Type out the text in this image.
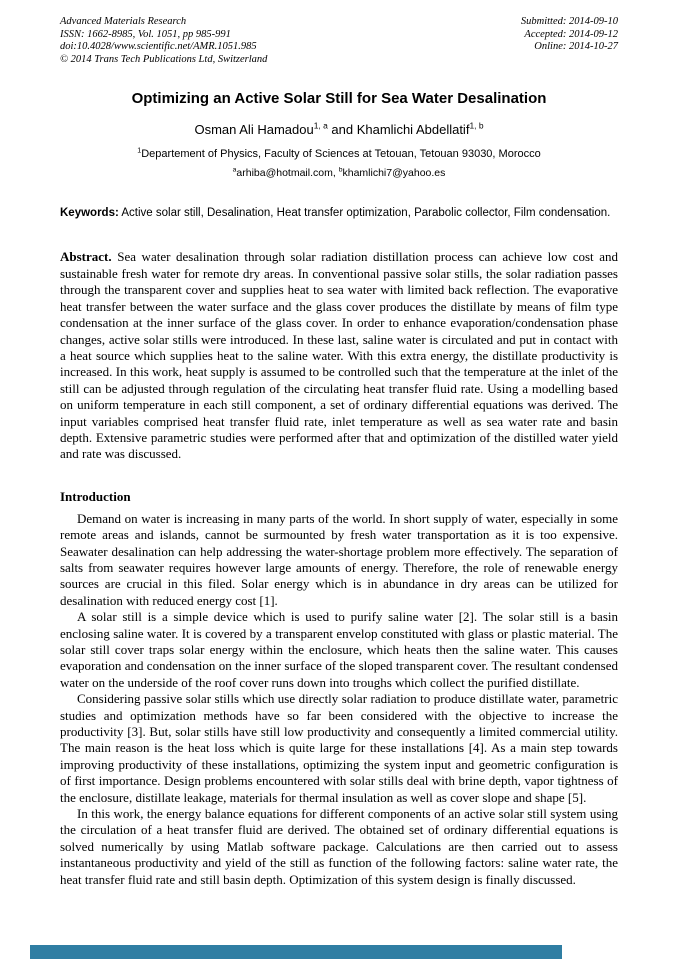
Advanced Materials Research
ISSN: 1662-8985, Vol. 1051, pp 985-991
doi:10.4028/www.scientific.net/AMR.1051.985
© 2014 Trans Tech Publications Ltd, Switzerland
Submitted: 2014-09-10
Accepted: 2014-09-12
Online: 2014-10-27
Optimizing an Active Solar Still for Sea Water Desalination
Osman Ali Hamadou$^{1, a}$ and Khamlichi Abdellatif$^{1, b}$
$^1$Departement of Physics, Faculty of Sciences at Tetouan, Tetouan 93030, Morocco
$^a$arhiba@hotmail.com, $^b$khamlichi7@yahoo.es
Keywords: Active solar still, Desalination, Heat transfer optimization, Parabolic collector, Film condensation.
Abstract. Sea water desalination through solar radiation distillation process can achieve low cost and sustainable fresh water for remote dry areas. In conventional passive solar stills, the solar radiation passes through the transparent cover and supplies heat to sea water with limited back reflection. The evaporative heat transfer between the water surface and the glass cover produces the distillate by means of film type condensation at the inner surface of the glass cover. In order to enhance evaporation/condensation phase changes, active solar stills were introduced. In these last, saline water is circulated and put in contact with a heat source which supplies heat to the saline water. With this extra energy, the distillate productivity is increased. In this work, heat supply is assumed to be controlled such that the temperature at the inlet of the still can be adjusted through regulation of the circulating heat transfer fluid rate. Using a modelling based on uniform temperature in each still component, a set of ordinary differential equations was derived. The input variables comprised heat transfer fluid rate, inlet temperature as well as sea water rate and basin depth. Extensive parametric studies were performed after that and optimization of the distilled water yield and rate was discussed.
Introduction
Demand on water is increasing in many parts of the world. In short supply of water, especially in some remote areas and islands, cannot be surmounted by fresh water transportation as it is too expensive. Seawater desalination can help addressing the water-shortage problem more effectively. The separation of salts from seawater requires however large amounts of energy. Therefore, the role of renewable energy sources are crucial in this filed. Solar energy which is in abundance in dry areas can be utilized for desalination with reduced energy cost [1].
A solar still is a simple device which is used to purify saline water [2]. The solar still is a basin enclosing saline water. It is covered by a transparent envelop constituted with glass or plastic material. The solar still cover traps solar energy within the enclosure, which heats then the saline water. This causes evaporation and condensation on the inner surface of the sloped transparent cover. The resultant condensed water on the underside of the roof cover runs down into troughs which collect the purified distillate.
Considering passive solar stills which use directly solar radiation to produce distillate water, parametric studies and optimization methods have so far been considered with the objective to increase the productivity [3]. But, solar stills have still low productivity and consequently a limited commercial utility. The main reason is the heat loss which is quite large for these installations [4]. As a main step towards improving productivity of these installations, optimizing the system input and geometric configuration is of first importance. Design problems encountered with solar stills deal with brine depth, vapor tightness of the enclosure, distillate leakage, materials for thermal insulation as well as cover slope and shape [5].
In this work, the energy balance equations for different components of an active solar still system using the circulation of a heat transfer fluid are derived. The obtained set of ordinary differential equations is solved numerically by using Matlab software package. Calculations are then carried out to assess instantaneous productivity and yield of the still as function of the following factors: saline water rate, the heat transfer fluid rate and still basin depth. Optimization of this system design is finally discussed.
